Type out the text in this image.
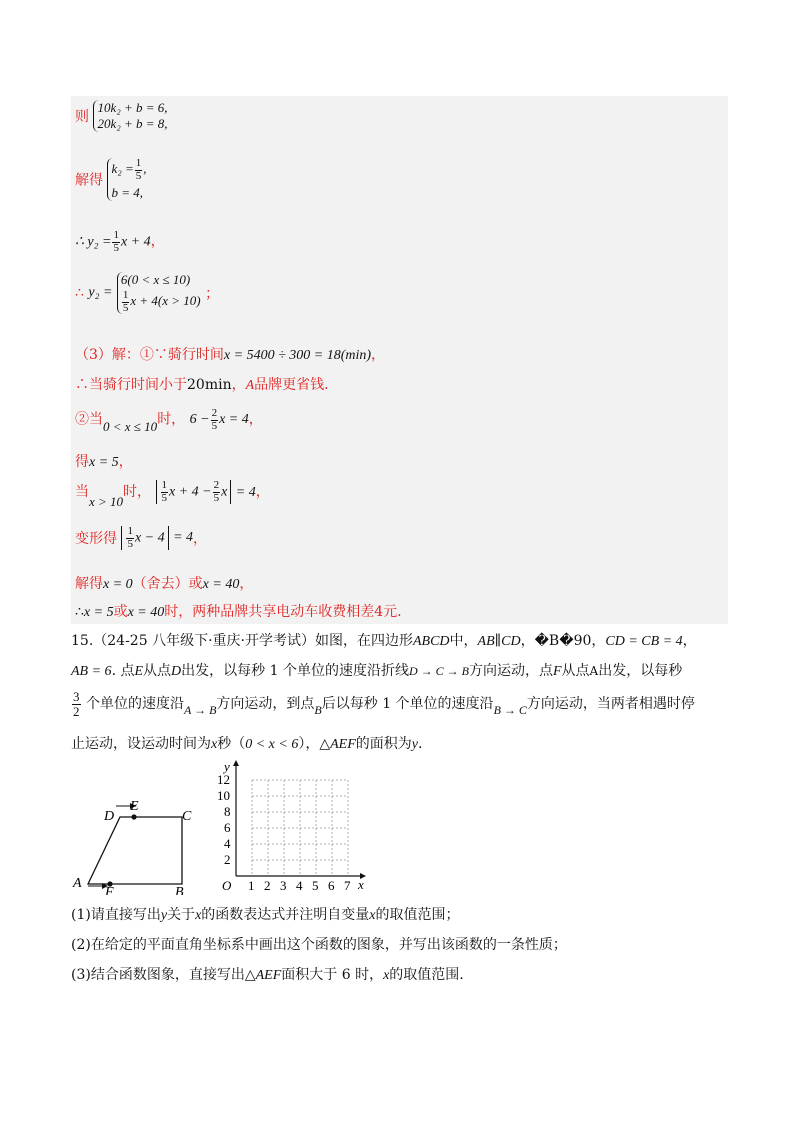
则
10k₂ + b = 6,
20k₂ + b = 8,
解得
$k_2 = \frac{1}{5}$ ,
b = 4,
∴ $y_2 = \frac{1}{5}$ x + 4，
∴ y₂ =
6(0 < x ≤ 10)
$\frac{1}{5}$ x + 4(x > 10) ；
（3）解：①∵骑行时间x = 5400 ÷ 300 = 18(min)，
∴当骑行时间小于20min，A品牌更省钱.
②当0 < x ≤ 10时， $6 - \frac{2}{5}$ x = 4，
得x = 5，
当x > 10时， $\frac{1}{5}$ $x + 4 - \frac{2}{5}$ x = 4，
变形得 $\frac{1}{5}$ x − 4 = 4，
解得x = 0（舍去）或x = 40，
∴x = 5或x = 40时，两种品牌共享电动车收费相差4元.
15.（24-25 八年级下·重庆·开学考试）如图，在四边形ABCD中，AB∥CD，�B�90，CD = CB = 4，
AB = 6. 点E从点D出发，以每秒 1 个单位的速度沿折线D → C → B方向运动，点F从点A出发，以每秒
$\frac{3}{2}$ 个单位的速度沿A → B方向运动，到点B后以每秒 1 个单位的速度沿B → C方向运动，当两者相遇时停
止运动，设运动时间为x秒（0 < x < 6），△AEF的面积为y.
D
E
C
A
F	B
y
x
O 1 2 3 4 5 6 7
2
4
6
8
10
12
(1)请直接写出y关于x的函数表达式并注明自变量x的取值范围；
(2)在给定的平面直角坐标系中画出这个函数的图象，并写出该函数的一条性质；
(3)结合函数图象，直接写出△AEF面积大于 6 时，x的取值范围.
